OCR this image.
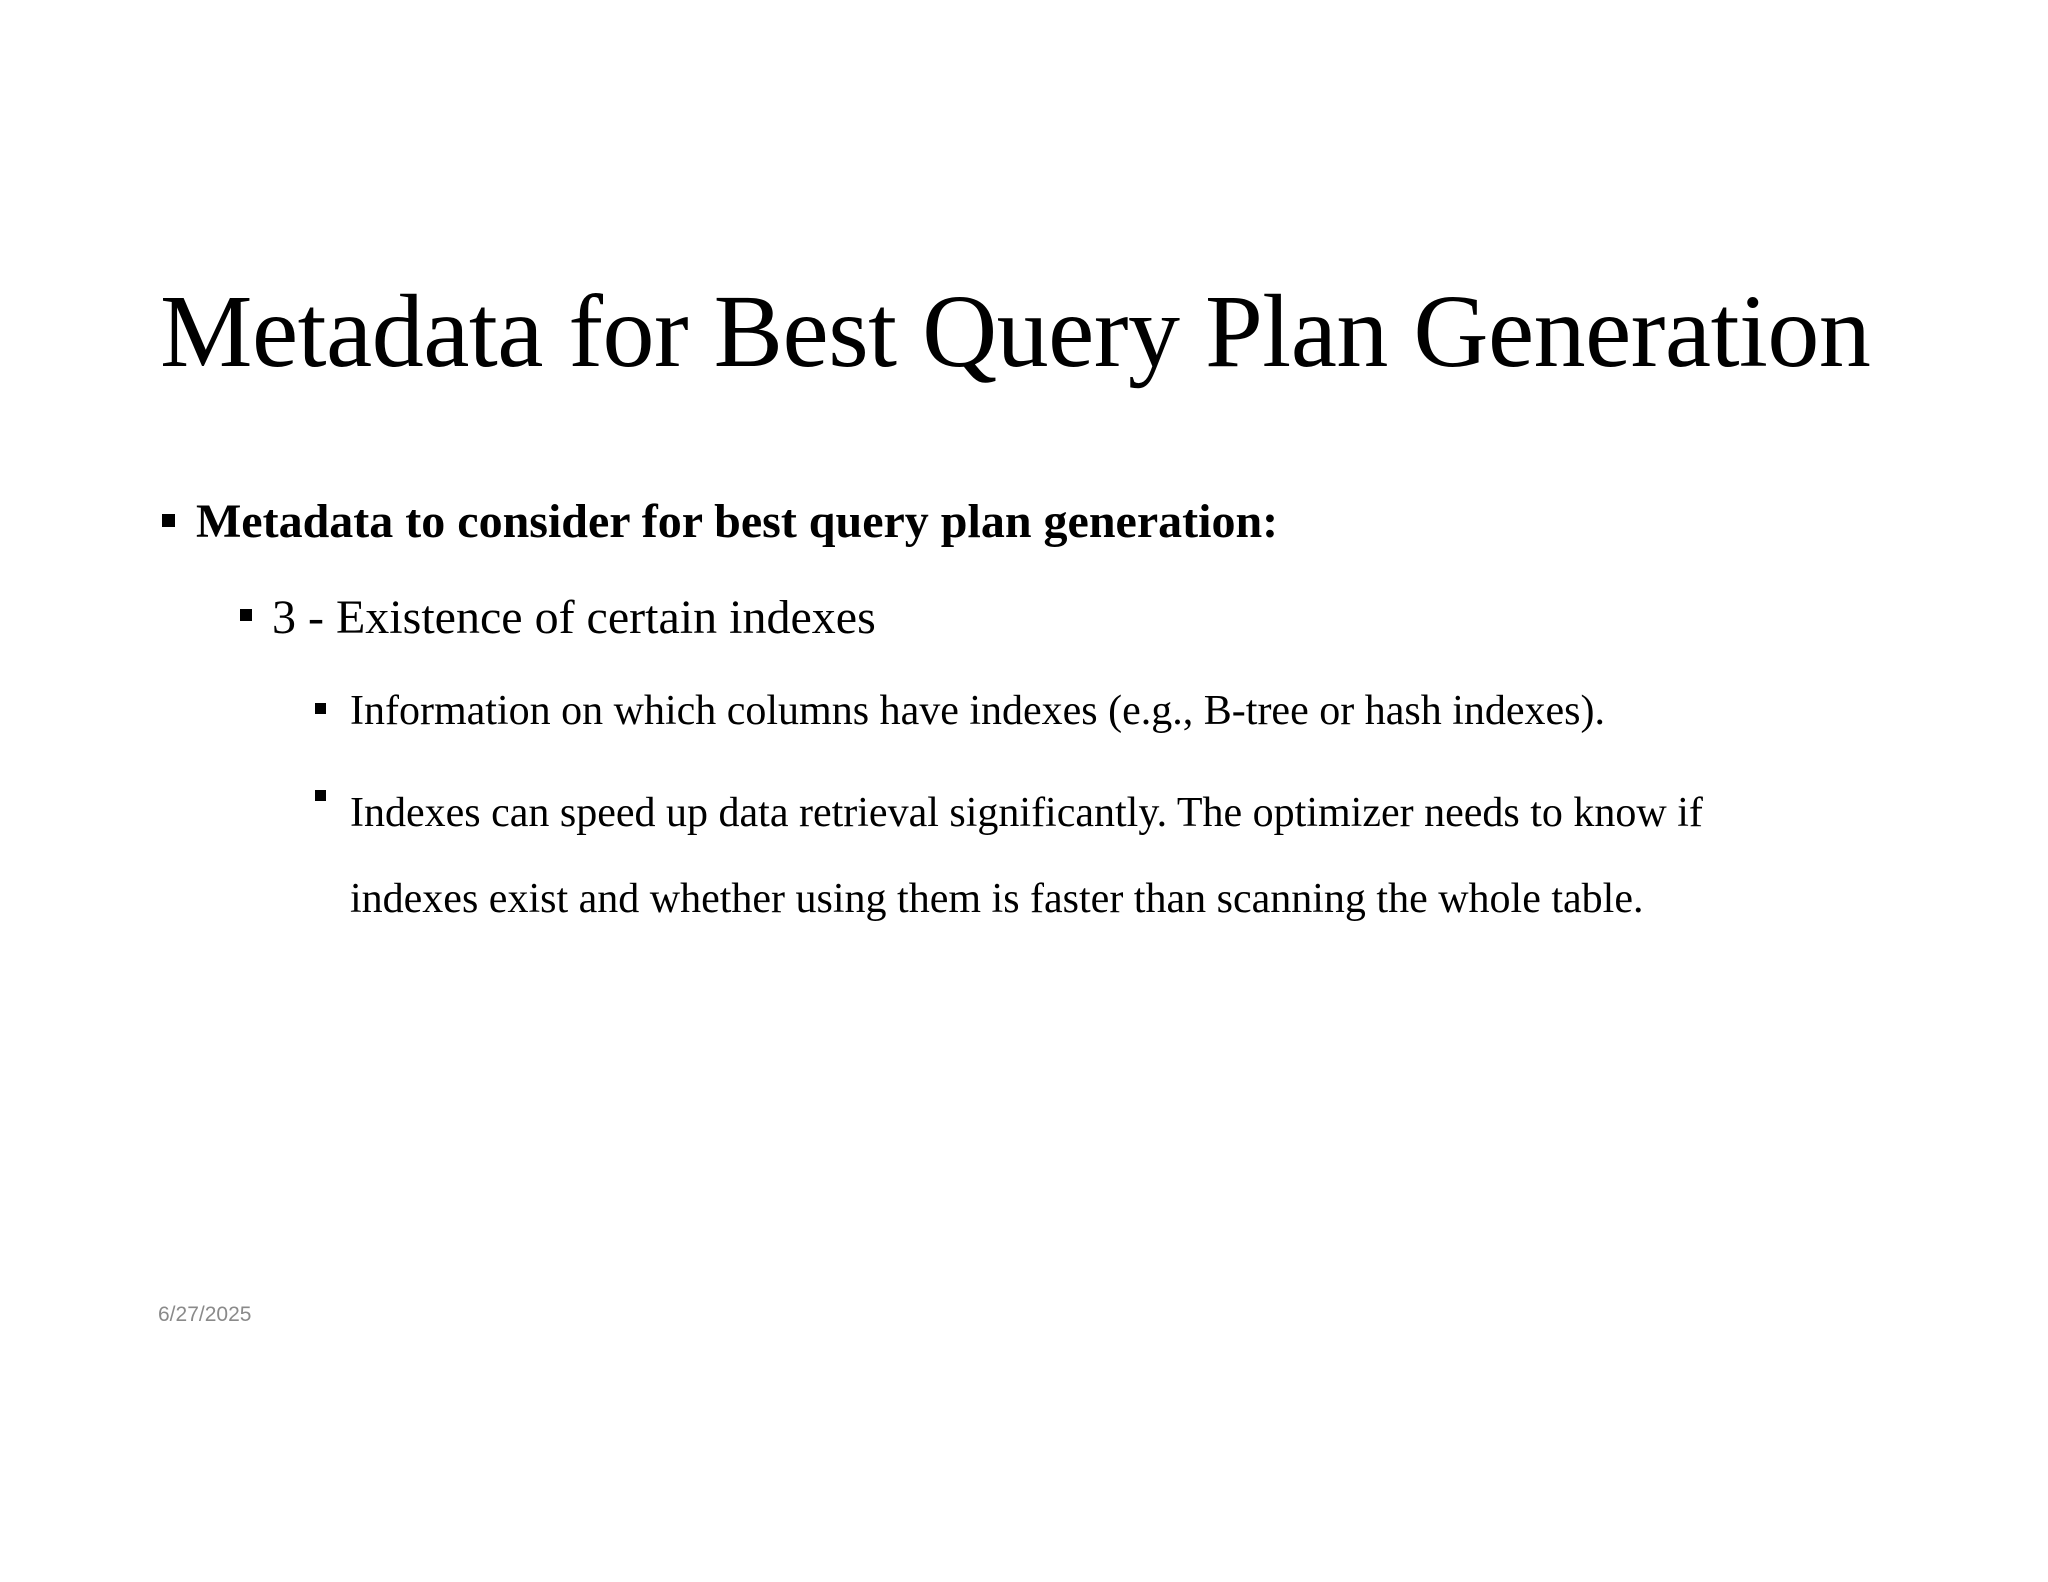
Metadata for Best Query Plan Generation
Metadata to consider for best query plan generation:
3 - Existence of certain indexes
Information on which columns have indexes (e.g., B-tree or hash indexes).
Indexes can speed up data retrieval significantly. The optimizer needs to know if
indexes exist and whether using them is faster than scanning the whole table.
6/27/2025
